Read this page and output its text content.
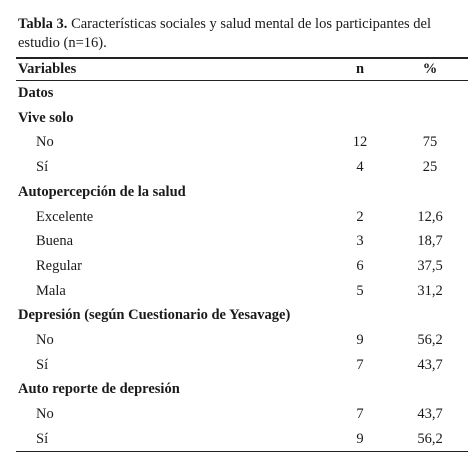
Tabla 3. Características sociales y salud mental de los participantes del estudio (n=16).
Variables	n	%
Datos
Vive solo
No	12	75
Sí	4	25
Autopercepción de la salud
Excelente	2	12,6
Buena	3	18,7
Regular	6	37,5
Mala	5	31,2
Depresión (según Cuestionario de Yesavage)
No	9	56,2
Sí	7	43,7
Auto reporte de depresión
No	7	43,7
Sí	9	56,2
